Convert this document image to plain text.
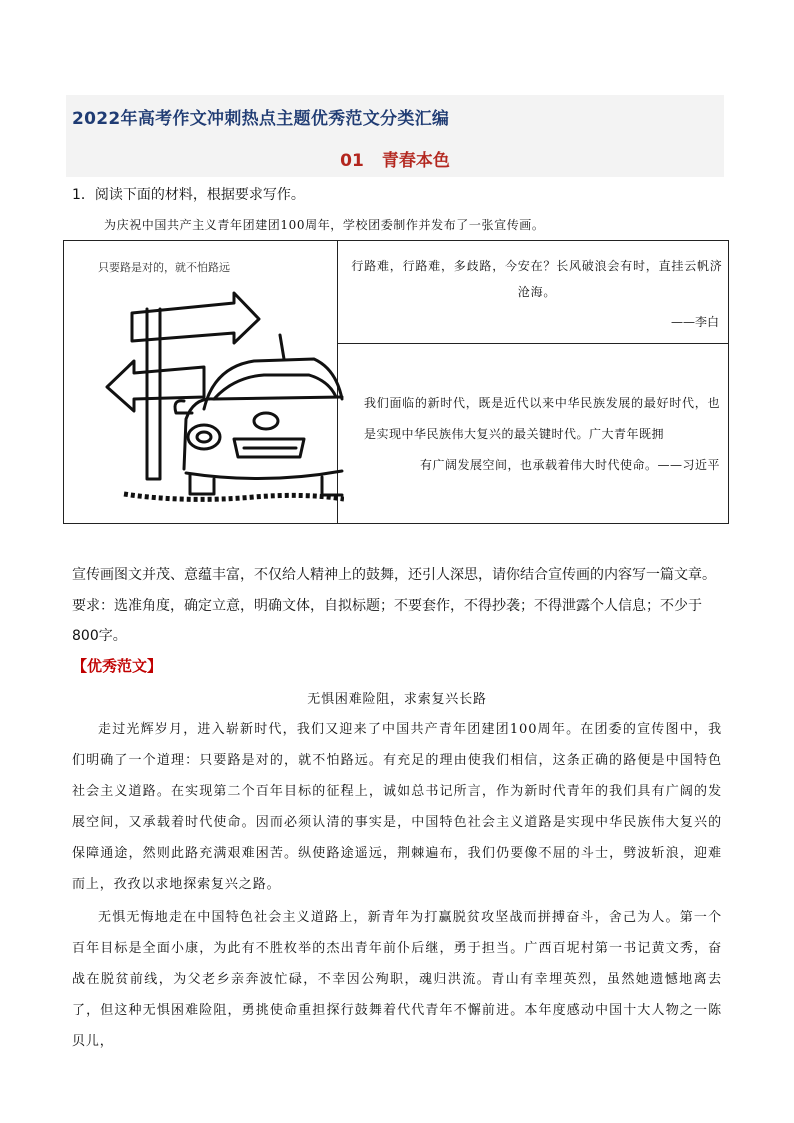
2022年高考作文冲刺热点主题优秀范文分类汇编
01 青春本色
1．阅读下面的材料，根据要求写作。
为庆祝中国共产主义青年团建团100周年，学校团委制作并发布了一张宣传画。
只要路是对的，就不怕路远	行路难，行路难，多歧路，今安在？长风破浪会有时，直挂云帆济沧海。
——李白
我们面临的新时代，既是近代以来中华民族发展的最好时代，也是实现中华民族伟大复兴的最关键时代。广大青年既拥
有广阔发展空间，也承载着伟大时代使命。——习近平
宣传画图文并茂、意蕴丰富，不仅给人精神上的鼓舞，还引人深思，请你结合宣传画的内容写一篇文章。
要求：选准角度，确定立意，明确文体，自拟标题；不要套作，不得抄袭；不得泄露个人信息；不少于 800字。
【优秀范文】
无惧困难险阻，求索复兴长路

走过光辉岁月，进入崭新时代，我们又迎来了中国共产青年团建团100周年。在团委的宣传图中，我们明确了一个道理：只要路是对的，就不怕路远。有充足的理由使我们相信，这条正确的路便是中国特色社会主义道路。在实现第二个百年目标的征程上，诚如总书记所言，作为新时代青年的我们具有广阔的发展空间，又承载着时代使命。因而必须认清的事实是，中国特色社会主义道路是实现中华民族伟大复兴的保障通途，然则此路充满艰难困苦。纵使路途遥远，荆棘遍布，我们仍要像不屈的斗士，劈波斩浪，迎难而上，孜孜以求地探索复兴之路。

无惧无悔地走在中国特色社会主义道路上，新青年为打赢脱贫攻坚战而拼搏奋斗，舍己为人。第一个百年目标是全面小康，为此有不胜枚举的杰出青年前仆后继，勇于担当。广西百坭村第一书记黄文秀，奋战在脱贫前线，为父老乡亲奔波忙碌，不幸因公殉职，魂归洪流。青山有幸埋英烈，虽然她遗憾地离去了，但这种无惧困难险阻，勇挑使命重担探行鼓舞着代代青年不懈前进。本年度感动中国十大人物之一陈贝儿，
